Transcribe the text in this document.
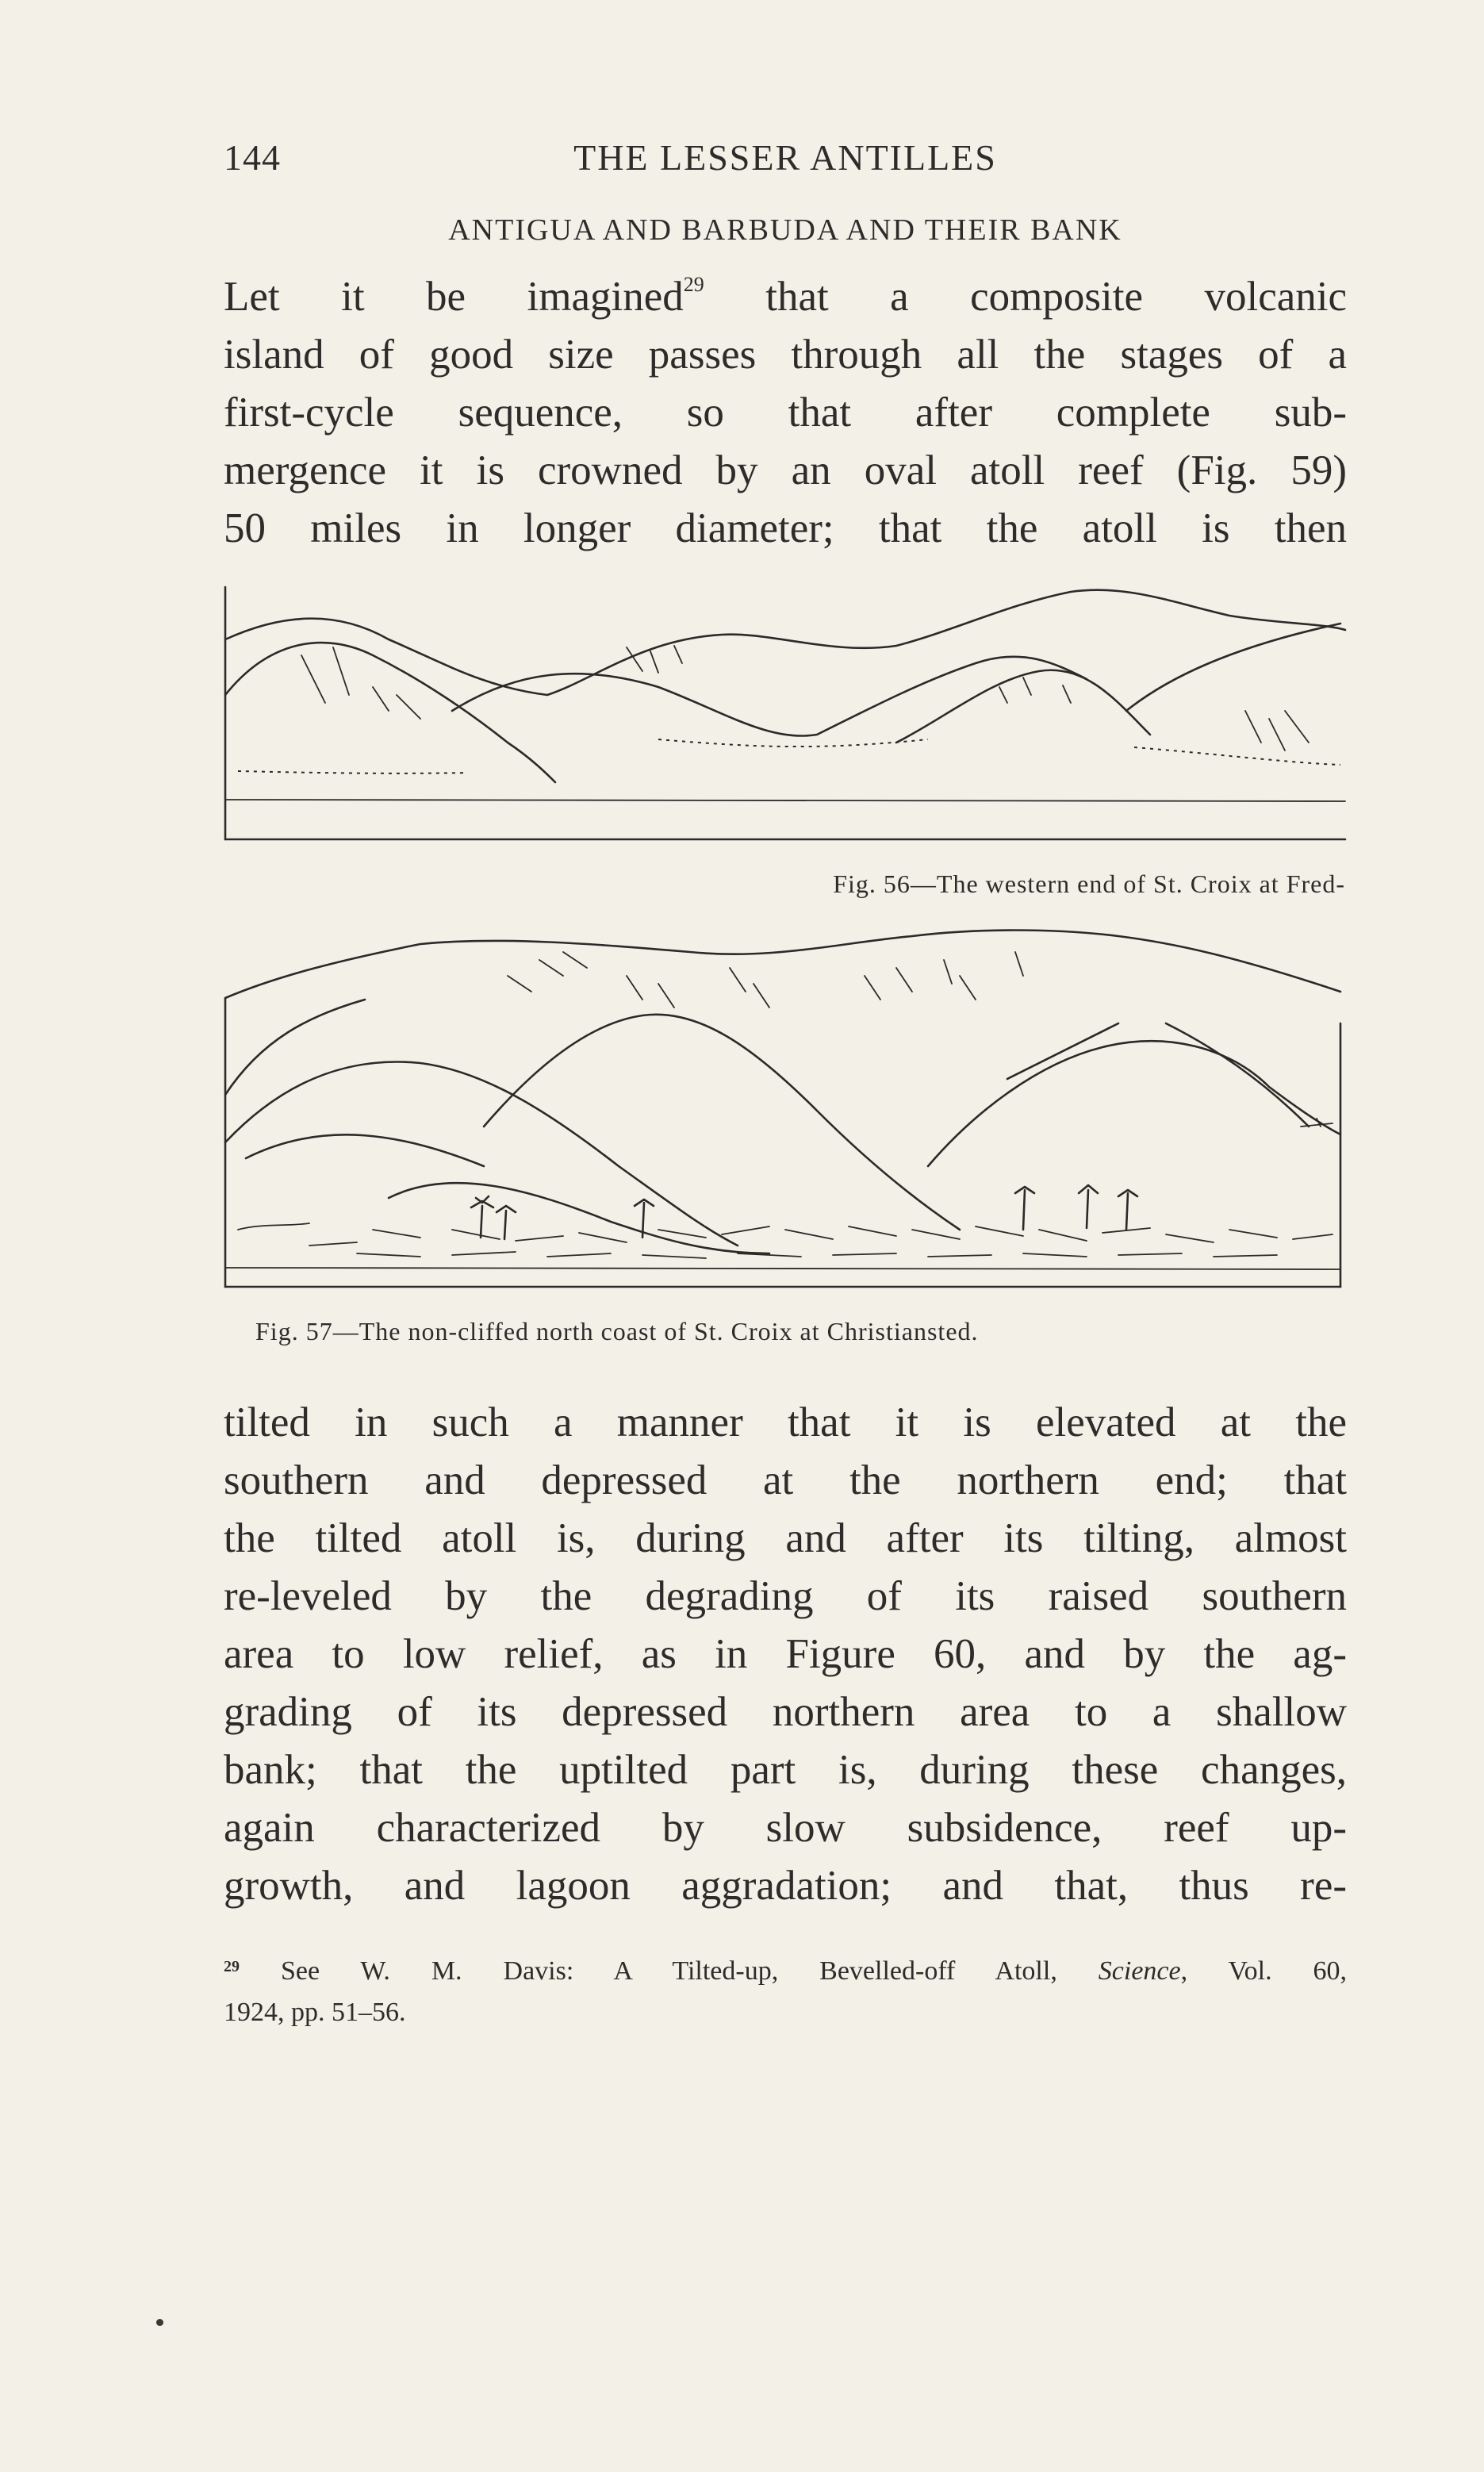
144	THE LESSER ANTILLES
ANTIGUA AND BARBUDA AND THEIR BANK
Let it be imagined$^{29}$ that a composite volcanic
island of good size passes through all the stages of a
first-cycle sequence, so that after complete sub-
mergence it is crowned by an oval atoll reef (Fig. 59)
50 miles in longer diameter; that the atoll is then
Fig. 56—The western end of St. Croix at Fred-
Fig. 57—The non-cliffed north coast of St. Croix at Christiansted.
tilted in such a manner that it is elevated at the
southern and depressed at the northern end; that
the tilted atoll is, during and after its tilting, almost
re-leveled by the degrading of its raised southern
area to low relief, as in Figure 60, and by the ag-
grading of its depressed northern area to a shallow
bank; that the uptilted part is, during these changes,
again characterized by slow subsidence, reef up-
growth, and lagoon aggradation; and that, thus re-
$^{29}$ See W. M. Davis: A Tilted-up, Bevelled-off Atoll, Science, Vol. 60,
1924, pp. 51–56.
